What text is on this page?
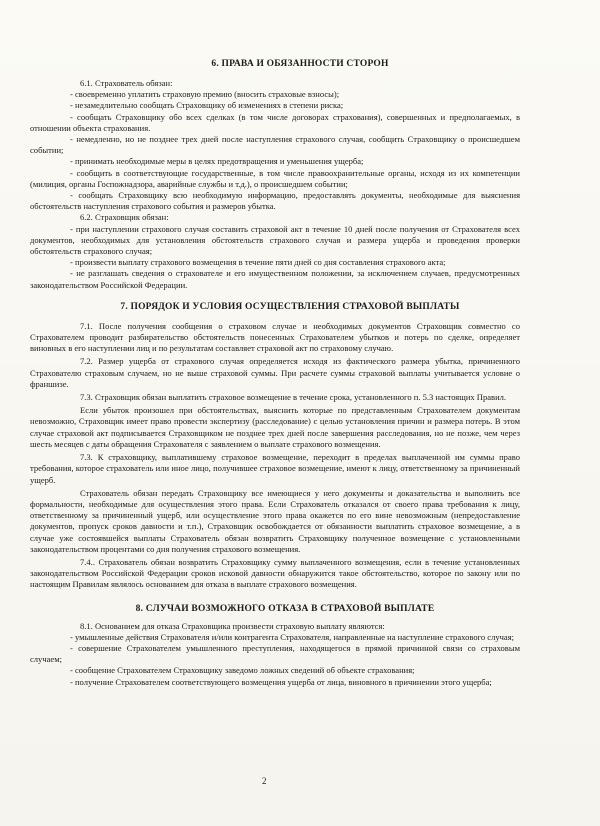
6. ПРАВА И ОБЯЗАННОСТИ СТОРОН

6.1. Страхователь обязан:

- своевременно уплатить страховую премию (вносить страховые взносы);

- незамедлительно сообщать Страховщику об изменениях в степени риска;

- сообщать Страховщику обо всех сделках (в том числе договорах страхования), совершенных и предполагаемых, в отношении объекта страхования.

- немедленно, но не позднее трех дней после наступления страхового случая, сообщить Страховщику о происшедшем событии;

- принимать необходимые меры в целях предотвращения и уменьшения ущерба;

- сообщить в соответствующие государственные, в том числе правоохранительные органы, исходя из их компетенции (милиция, органы Госпожнадзора, аварийные службы и т.д.), о происшедшем событии;

- сообщать Страховщику всю необходимую информацию, предоставлять документы, необходимые для выяснения обстоятельств наступления страхового события и размеров убытка.

6.2. Страховщик обязан:

- при наступлении страхового случая составить страховой акт в течение 10 дней после получения от Страхователя всех документов, необходимых для установления обстоятельств страхового случая и размера ущерба и проведения проверки обстоятельств страхового случая;

- произвести выплату страхового возмещения в течение пяти дней со дня составления страхового акта;

- не разглашать сведения о страхователе и его имущественном положении, за исключением случаев, предусмотренных законодательством Российской Федерации.

7. ПОРЯДОК И УСЛОВИЯ ОСУЩЕСТВЛЕНИЯ СТРАХОВОЙ ВЫПЛАТЫ

7.1. После получения сообщения о страховом случае и необходимых документов Страховщик совместно со Страхователем проводит разбирательство обстоятельств понесенных Страхователем убытков и потерь по сделке, определяет виновных в его наступлении лиц и по результатам составляет страховой акт по страховому случаю.

7.2. Размер ущерба от страхового случая определяется исходя из фактического размера убытка, причиненного Страхователю страховым случаем, но не выше страховой суммы. При расчете суммы страховой выплаты учитывается условие о франшизе.

7.3. Страховщик обязан выплатить страховое возмещение в течение срока, установленного п. 5.3 настоящих Правил.

Если убыток произошел при обстоятельствах, выяснить которые по представленным Страхователем документам невозможно, Страховщик имеет право провести экспертизу (расследование) с целью установления причин и размера потерь. В этом случае страховой акт подписывается Страховщиком не позднее трех дней после завершения расследования, но не позже, чем через шесть месяцев с даты обращения Страхователя с заявлением о выплате страхового возмещения.

7.3. К страховщику, выплатившему страховое возмещение, переходит в пределах выплаченной им суммы право требования, которое страхователь или иное лицо, получившее страховое возмещение, имеют к лицу, ответственному за причиненный ущерб.

Страхователь обязан передать Страховщику все имеющиеся у него документы и доказательства и выполнить все формальности, необходимые для осуществления этого права. Если Страхователь отказался от своего права требования к лицу, ответственному за причиненный ущерб, или осуществление этого права окажется по его вине невозможным (непредоставление документов, пропуск сроков давности и т.п.), Страховщик освобождается от обязанности выплатить страховое возмещение, а в случае уже состоявшейся выплаты Страхователь обязан возвратить Страховщику полученное возмещение с установленными законодательством процентами со дня получения страхового возмещения.

7.4.. Страхователь обязан возвратить Страховщику сумму выплаченного возмещения, если в течение установленных законодательством Российской Федерации сроков исковой давности обнаружится такое обстоятельство, которое по закону или по настоящим Правилам являлось основанием для отказа в выплате страхового возмещения.

8. СЛУЧАИ ВОЗМОЖНОГО ОТКАЗА В СТРАХОВОЙ ВЫПЛАТЕ

8.1. Основанием для отказа Страховщика произвести страховую выплату являются:

- умышленные действия Страхователя и/или контрагента Страхователя, направленные на наступление страхового случая;

- совершение Страхователем умышленного преступления, находящегося в прямой причинной связи со страховым случаем;

- сообщение Страхователем Страховщику заведомо ложных сведений об объекте страхования;

- получение Страхователем соответствующего возмещения ущерба от лица, виновного в причинении этого ущерба;

2
